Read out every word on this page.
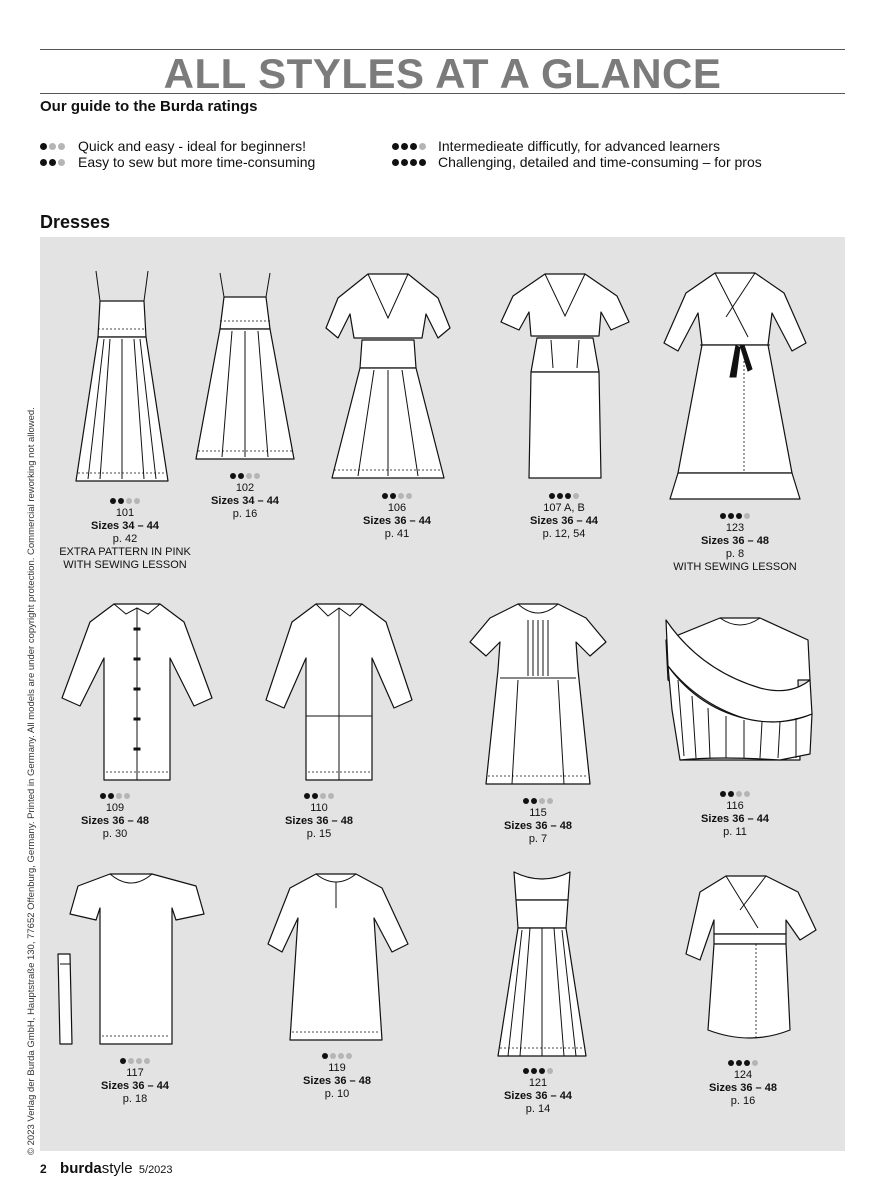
ALL STYLES AT A GLANCE
Our guide to the Burda ratings
Quick and easy - ideal for beginners!
Easy to sew but more time-consuming
Intermedieate difficutly, for advanced learners
Challenging, detailed and time-consuming – for pros
Dresses
© 2023 Verlag der Burda GmbH, Hauptstraße 130, 77652 Offenburg, Germany. Printed in Germany. All models are under copyright protection. Commercial reworking not allowed.	101
Sizes 34 – 44
p. 42
EXTRA PATTERN IN PINK
WITH SEWING LESSON
102
Sizes 34 – 44
p. 16	106
Sizes 36 – 44
p. 41
107 A, B
Sizes 36 – 44
p. 12, 54	123
Sizes 36 – 48
p. 8
WITH SEWING LESSON
109
Sizes 36 – 48
p. 30
110
Sizes 36 – 48
p. 15
115
Sizes 36 – 48
p. 7
116
Sizes 36 – 44
p. 11
117
Sizes 36 – 44
p. 18
119
Sizes 36 – 48
p. 10
121
Sizes 36 – 44
p. 14
124
Sizes 36 – 48
p. 16
2 burdastyle 5/2023
